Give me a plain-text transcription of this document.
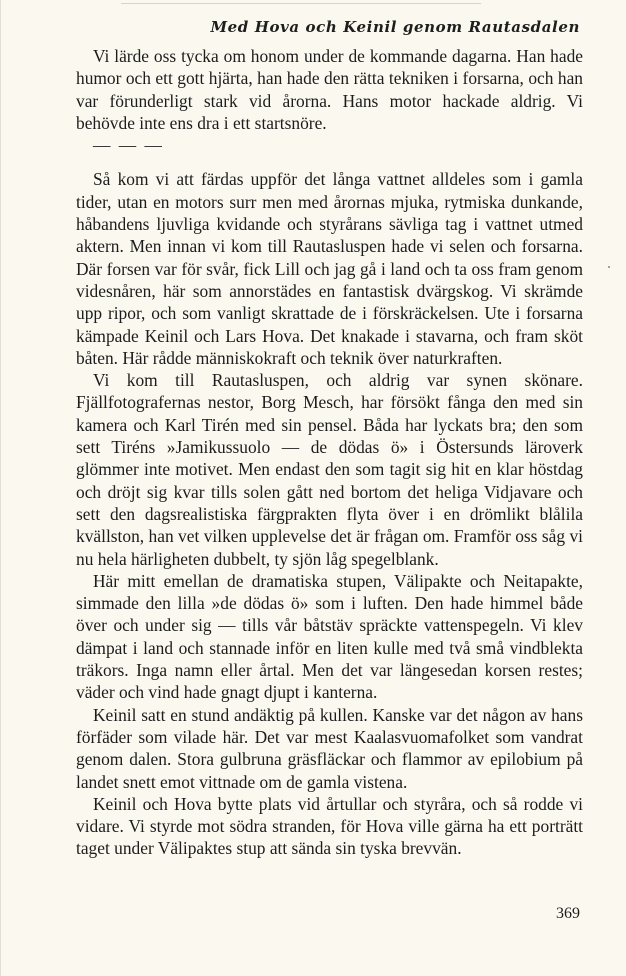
Med Hova och Keinil genom Rautasdalen

Vi lärde oss tycka om honom under de kommande dagarna. Han hade humor och ett gott hjärta, han hade den rätta tekniken i forsarna, och han var förunderligt stark vid årorna. Hans motor hackade aldrig. Vi behövde inte ens dra i ett startsnöre.

— — —

Så kom vi att färdas uppför det långa vattnet alldeles som i gamla tider, utan en motors surr men med årornas mjuka, rytmiska dunkande, håbandens ljuvliga kvidande och styrårans sävliga tag i vattnet utmed aktern. Men innan vi kom till Rautasluspen hade vi selen och forsarna. Där forsen var för svår, fick Lill och jag gå i land och ta oss fram genom videsnåren, här som annorstädes en fantastisk dvärgskog. Vi skrämde upp ripor, och som vanligt skrattade de i förskräckelsen. Ute i forsarna kämpade Keinil och Lars Hova. Det knakade i stavarna, och fram sköt båten. Här rådde människokraft och teknik över naturkraften.

Vi kom till Rautasluspen, och aldrig var synen skönare. Fjällfotografernas nestor, Borg Mesch, har försökt fånga den med sin kamera och Karl Tirén med sin pensel. Båda har lyckats bra; den som sett Tiréns »Jamikussuolo — de dödas ö» i Östersunds läroverk glömmer inte motivet. Men endast den som tagit sig hit en klar höstdag och dröjt sig kvar tills solen gått ned bortom det heliga Vidjavare och sett den dagsrealistiska färgprakten flyta över i en drömlikt blålila kvällston, han vet vilken upplevelse det är frågan om. Framför oss såg vi nu hela härligheten dubbelt, ty sjön låg spegelblank.

Här mitt emellan de dramatiska stupen, Välipakte och Neitapakte, simmade den lilla »de dödas ö» som i luften. Den hade himmel både över och under sig — tills vår båtstäv spräckte vattenspegeln. Vi klev dämpat i land och stannade inför en liten kulle med två små vindblekta träkors. Inga namn eller årtal. Men det var längesedan korsen restes; väder och vind hade gnagt djupt i kanterna.

Keinil satt en stund andäktig på kullen. Kanske var det någon av hans förfäder som vilade här. Det var mest Kaalasvuomafolket som vandrat genom dalen. Stora gulbruna gräsfläckar och flammor av epilobium på landet snett emot vittnade om de gamla vistena.

Keinil och Hova bytte plats vid årtullar och styråra, och så rodde vi vidare. Vi styrde mot södra stranden, för Hova ville gärna ha ett porträtt taget under Välipaktes stup att sända sin tyska brevvän.

369
